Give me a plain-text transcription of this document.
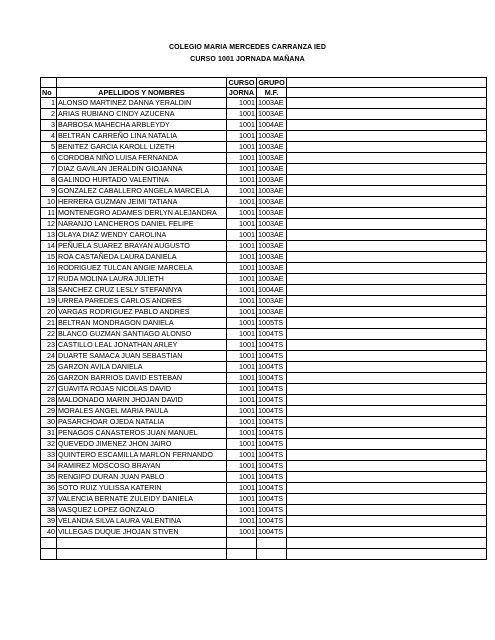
COLEGIO MARIA MERCEDES CARRANZA IED
CURSO 1001 JORNADA MAÑANA
		CURSO	GRUPO	
No	APELLIDOS Y NOMBRES	JORNA	M.F.	
1	ALONSO MARTINEZ DANNA YERALDIN	1001	1003AE	
2	ARIAS RUBIANO CINDY AZUCENA	1001	1003AE	
3	BARBOSA MAHECHA ARBLEYDY	1001	1004AE	
4	BELTRAN CARREÑO LINA NATALIA	1001	1003AE	
5	BENITEZ GARCIA KAROLL LIZETH	1001	1003AE	
6	CORDOBA NIÑO LUISA FERNANDA	1001	1003AE	
7	DIAZ GAVILAN JERALDIN GIOJANNA	1001	1003AE	
8	GALINDO HURTADO VALENTINA	1001	1003AE	
9	GONZALEZ CABALLERO ANGELA MARCELA	1001	1003AE	
10	HERRERA GUZMAN JEIMI TATIANA	1001	1003AE	
11	MONTENEGRO ADAMES DERLYN ALEJANDRA	1001	1003AE	
12	NARANJO LANCHEROS DANIEL FELIPE	1001	1003AE	
13	OLAYA DIAZ WENDY CAROLINA	1001	1003AE	
14	PEÑUELA SUAREZ BRAYAN AUGUSTO	1001	1003AE	
15	ROA CASTAÑEDA LAURA DANIELA	1001	1003AE	
16	RODRIGUEZ TULCAN ANGIE MARCELA	1001	1003AE	
17	RUDA MOLINA LAURA JULIETH	1001	1003AE	
18	SANCHEZ CRUZ LESLY STEFANNYA	1001	1004AE	
19	URREA PAREDES CARLOS ANDRES	1001	1003AE	
20	VARGAS RODRIGUEZ PABLO ANDRES	1001	1003AE	
21	BELTRAN MONDRAGON DANIELA	1001	1005TS	
22	BLANCO GUZMAN SANTIAGO ALONSO	1001	1004TS	
23	CASTILLO LEAL JONATHAN ARLEY	1001	1004TS	
24	DUARTE SAMACA JUAN SEBASTIAN	1001	1004TS	
25	GARZON AVILA DANIELA	1001	1004TS	
26	GARZON BARRIOS DAVID ESTEBAN	1001	1004TS	
27	GUAVITA ROJAS NICOLAS DAVID	1001	1004TS	
28	MALDONADO MARIN JHOJAN DAVID	1001	1004TS	
29	MORALES ANGEL MARIA PAULA	1001	1004TS	
30	PASARCHOAR OJEDA NATALIA	1001	1004TS	
31	PENAGOS CANASTEROS JUAN MANUEL	1001	1004TS	
32	QUEVEDO JIMENEZ JHON JAIRO	1001	1004TS	
33	QUINTERO ESCAMILLA MARLON FERNANDO	1001	1004TS	
34	RAMIREZ MOSCOSO BRAYAN	1001	1004TS	
35	RENGIFO DURAN JUAN PABLO	1001	1004TS	
36	SOTO RUIZ YULISSA KATERIN	1001	1004TS	
37	VALENCIA BERNATE ZULEIDY DANIELA	1001	1004TS	
38	VASQUEZ LOPEZ GONZALO	1001	1004TS	
39	VELANDIA SILVA LAURA VALENTINA	1001	1004TS	
40	VILLEGAS DUQUE JHOJAN STIVEN	1001	1004TS	
